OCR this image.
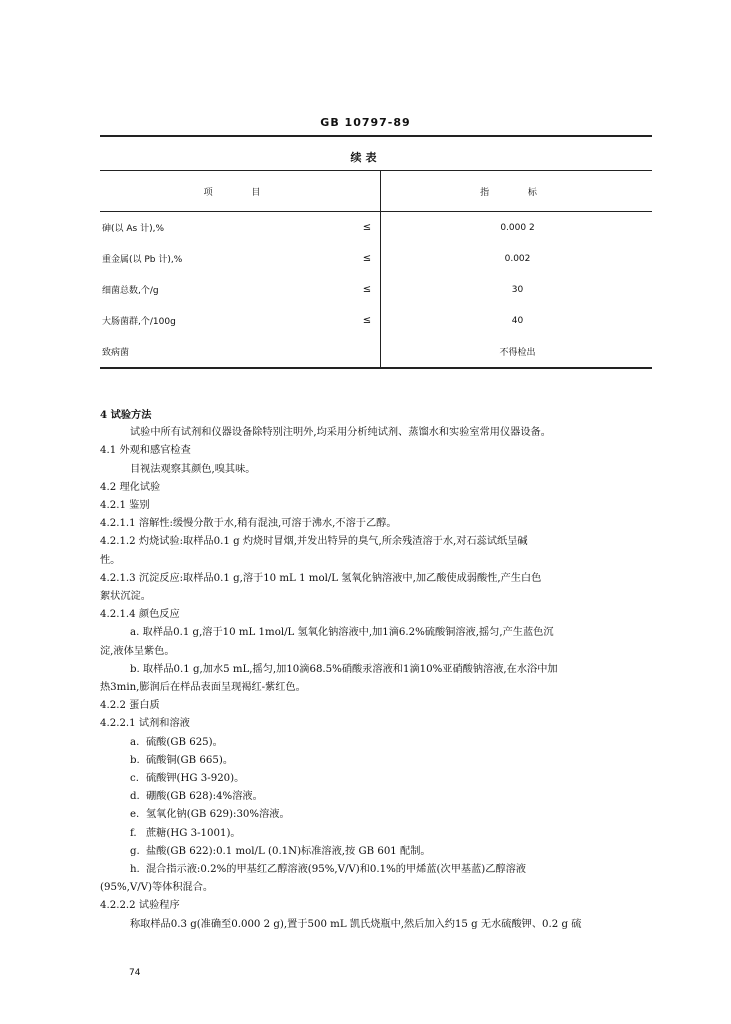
GB 10797-89
续表
项 目		指 标
砷(以 As 计),%	≤	0.000 2
重金属(以 Pb 计),%	≤	0.002
细菌总数,个/g	≤	30
大肠菌群,个/100g	≤	40
致病菌		不得检出

4 试验方法

试验中所有试剂和仪器设备除特别注明外,均采用分析纯试剂、蒸馏水和实验室常用仪器设备。

4.1 外观和感官检查

目视法观察其颜色,嗅其味。

4.2 理化试验

4.2.1 鉴别

4.2.1.1 溶解性:缓慢分散于水,稍有混浊,可溶于沸水,不溶于乙醇。

4.2.1.2 灼烧试验:取样品0.1 g 灼烧时冒烟,并发出特异的臭气,所余残渣溶于水,对石蕊试纸呈碱

性。

4.2.1.3 沉淀反应:取样品0.1 g,溶于10 mL 1 mol/L 氢氧化钠溶液中,加乙酸使成弱酸性,产生白色

絮状沉淀。

4.2.1.4 颜色反应

a. 取样品0.1 g,溶于10 mL 1mol/L 氢氧化钠溶液中,加1滴6.2%硫酸铜溶液,摇匀,产生蓝色沉

淀,液体呈紫色。

b. 取样品0.1 g,加水5 mL,摇匀,加10滴68.5%硝酸汞溶液和1滴10%亚硝酸钠溶液,在水浴中加

热3min,膨润后在样品表面呈现褐红-紫红色。

4.2.2 蛋白质

4.2.2.1 试剂和溶液

a. 硫酸(GB 625)。

b. 硫酸铜(GB 665)。

c. 硫酸钾(HG 3-920)。

d. 硼酸(GB 628):4%溶液。

e. 氢氧化钠(GB 629):30%溶液。

f. 蔗糖(HG 3-1001)。

g. 盐酸(GB 622):0.1 mol/L (0.1N)标准溶液,按 GB 601 配制。

h. 混合指示液:0.2%的甲基红乙醇溶液(95%,V/V)和0.1%的甲烯蓝(次甲基蓝)乙醇溶液

(95%,V/V)等体积混合。

4.2.2.2 试验程序

称取样品0.3 g(准确至0.000 2 g),置于500 mL 凯氏烧瓶中,然后加入约15 g 无水硫酸钾、0.2 g 硫

74
